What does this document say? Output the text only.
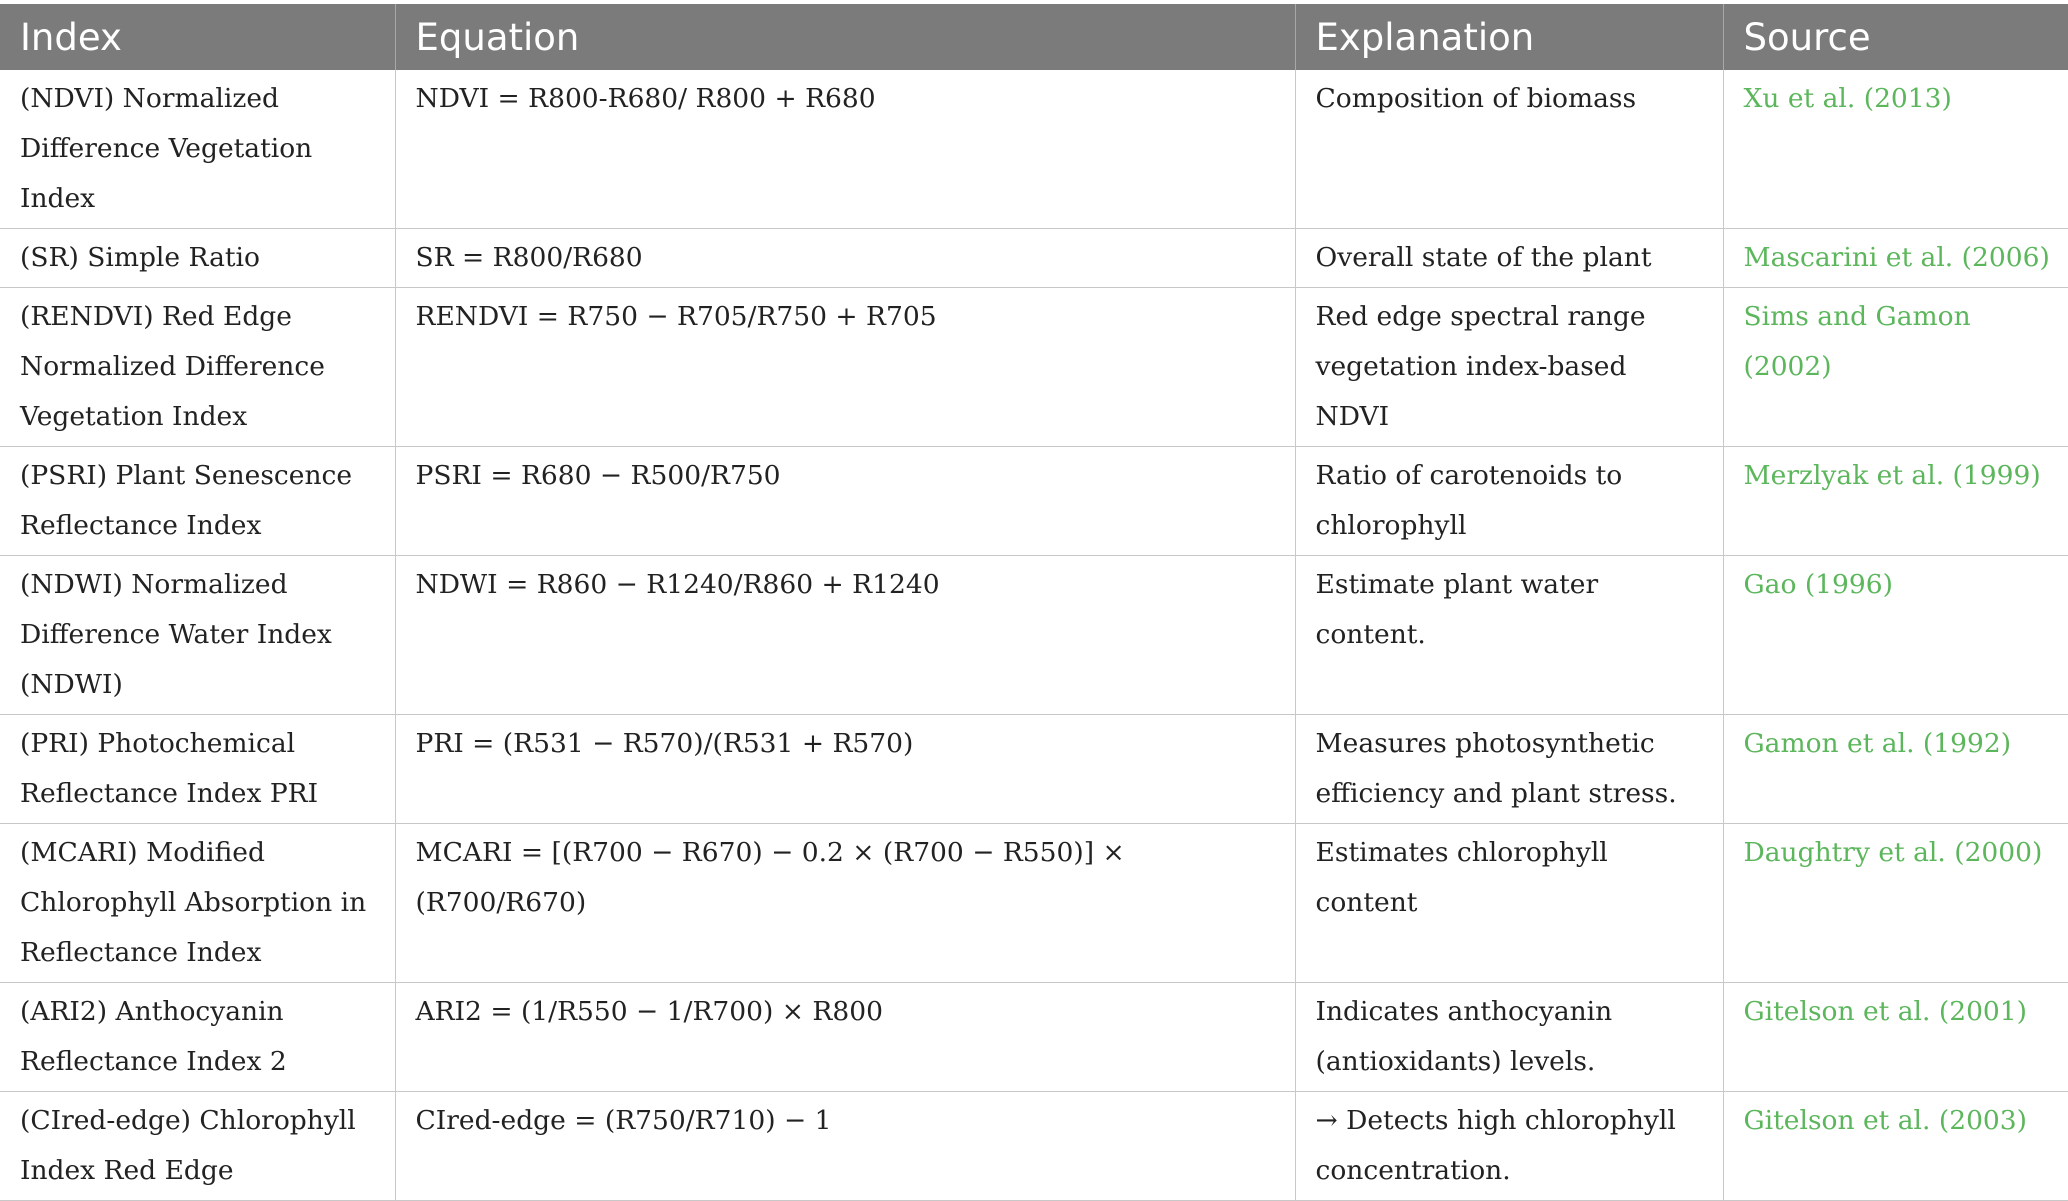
Index	Equation	Explanation	Source
(NDVI) Normalized Difference Vegetation Index	NDVI = R800-R680/ R800 + R680	Composition of biomass	Xu et al. (2013)
(SR) Simple Ratio	SR = R800/R680	Overall state of the plant	Mascarini et al. (2006)
(RENDVI) Red Edge Normalized Difference Vegetation Index	RENDVI = R750 − R705/R750 + R705	Red edge spectral range vegetation index-based NDVI	Sims and Gamon (2002)
(PSRI) Plant Senescence Reflectance Index	PSRI = R680 − R500/R750	Ratio of carotenoids to chlorophyll	Merzlyak et al. (1999)
(NDWI) Normalized Difference Water Index (NDWI)	NDWI = R860 − R1240/R860 + R1240	Estimate plant water content.	Gao (1996)
(PRI) Photochemical Reflectance Index PRI	PRI = (R531 − R570)/(R531 + R570)	Measures photosynthetic efficiency and plant stress.	Gamon et al. (1992)
(MCARI) Modified Chlorophyll Absorption in Reflectance Index	MCARI = [(R700 − R670) − 0.2 × (R700 − R550)] × (R700/R670)	Estimates chlorophyll content	Daughtry et al. (2000)
(ARI2) Anthocyanin Reflectance Index 2	ARI2 = (1/R550 − 1/R700) × R800	Indicates anthocyanin (antioxidants) levels.	Gitelson et al. (2001)
(CIred-edge) Chlorophyll Index Red Edge	CIred-edge = (R750/R710) − 1	→ Detects high chlorophyll concentration.	Gitelson et al. (2003)
